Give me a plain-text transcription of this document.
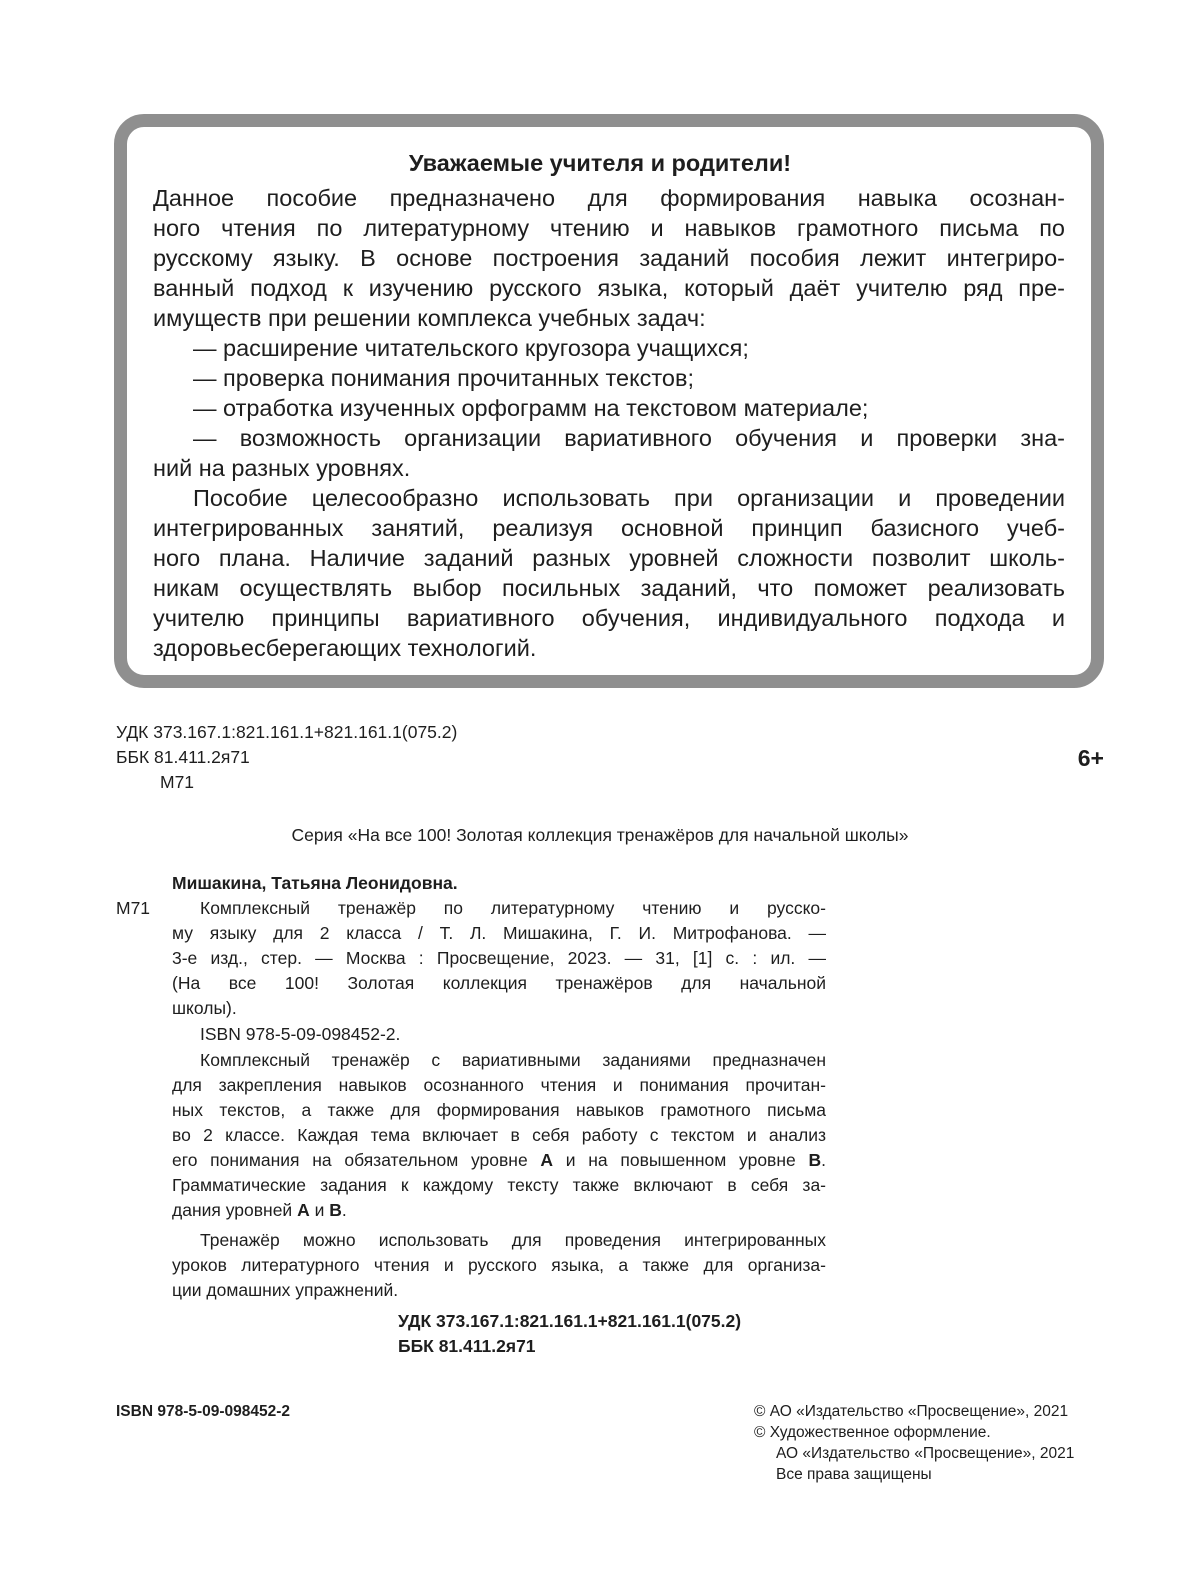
Уважаемые учителя и родители!
Данное пособие предназначено для формирования навыка осознан-
ного чтения по литературному чтению и навыков грамотного письма по
русскому языку. В основе построения заданий пособия лежит интегриро-
ванный подход к изучению русского языка, который даёт учителю ряд пре-
имуществ при решении комплекса учебных задач:
— расширение читательского кругозора учащихся;
— проверка понимания прочитанных текстов;
— отработка изученных орфограмм на текстовом материале;
— возможность организации вариативного обучения и проверки зна-
ний на разных уровнях.
Пособие целесообразно использовать при организации и проведении
интегрированных занятий, реализуя основной принцип базисного учеб-
ного плана. Наличие заданий разных уровней сложности позволит школь-
никам осуществлять выбор посильных заданий, что поможет реализовать
учителю принципы вариативного обучения, индивидуального подхода и
здоровьесберегающих технологий.
УДК 373.167.1:821.161.1+821.161.1(075.2)
ББК 81.411.2я71
М71
6+
Серия «На все 100! Золотая коллекция тренажёров для начальной школы»
Мишакина, Татьяна Леонидовна.
М71	Комплексный тренажёр по литературному чтению и русско-
му языку для 2 класса / Т. Л. Мишакина, Г. И. Митрофанова. —
3-е изд., стер. — Москва : Просвещение, 2023. — 31, [1] с. : ил. —
(На все 100! Золотая коллекция тренажёров для начальной
школы).
ISBN 978-5-09-098452-2.
Комплексный тренажёр с вариативными заданиями предназначен
для закрепления навыков осознанного чтения и понимания прочитан-
ных текстов, а также для формирования навыков грамотного письма
во 2 классе. Каждая тема включает в себя работу с текстом и анализ
его понимания на обязательном уровне А и на повышенном уровне В.
Грамматические задания к каждому тексту также включают в себя за-
дания уровней А и В.
Тренажёр можно использовать для проведения интегрированных
уроков литературного чтения и русского языка, а также для организа-
ции домашних упражнений.
УДК 373.167.1:821.161.1+821.161.1(075.2)
ББК 81.411.2я71
ISBN 978-5-09-098452-2	© АО «Издательство «Просвещение», 2021
© Художественное оформление.
АО «Издательство «Просвещение», 2021
Все права защищены
